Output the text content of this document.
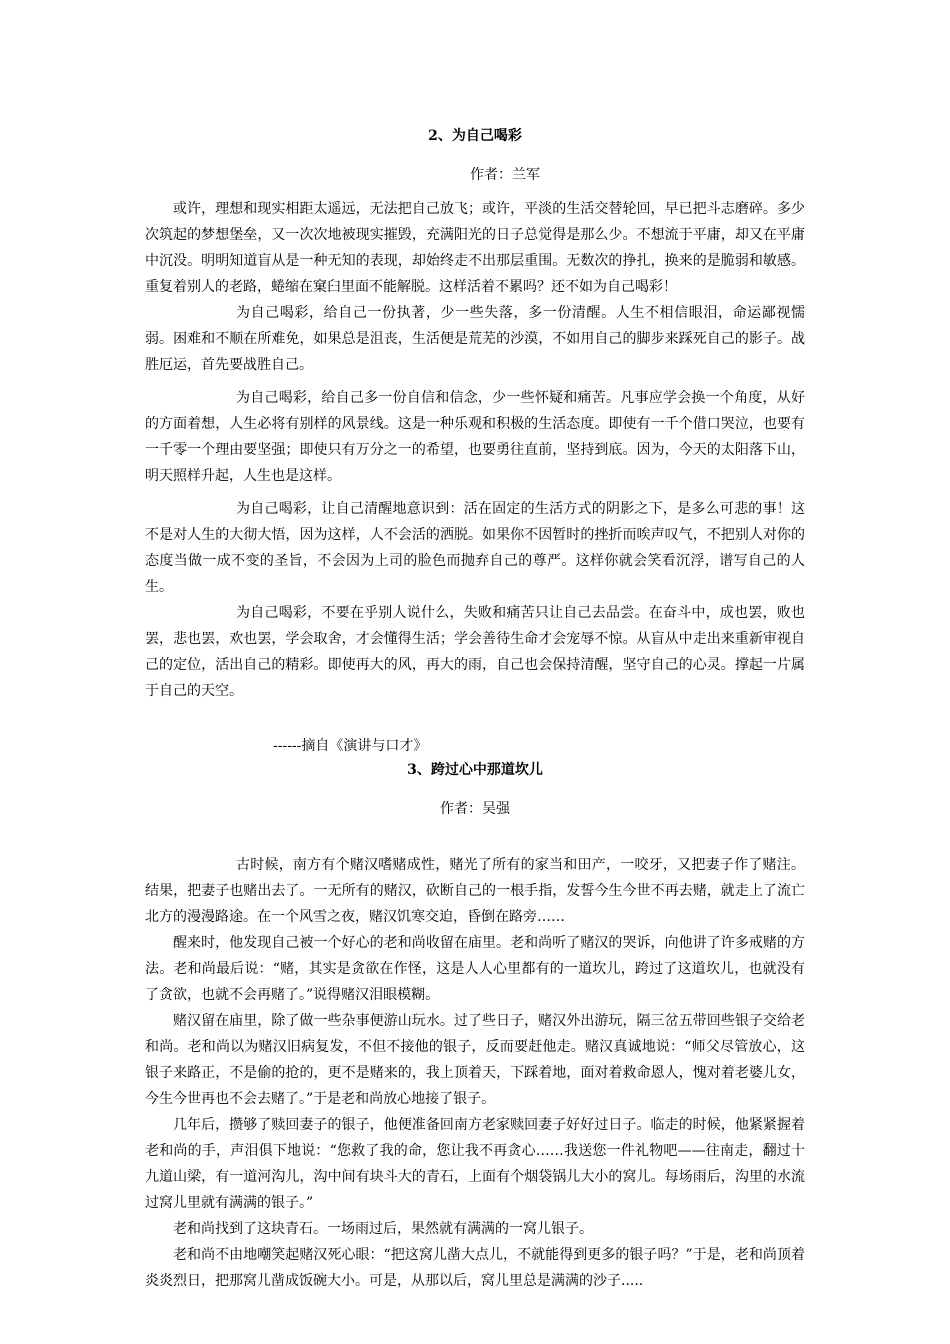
2、为自己喝彩
作者：兰军

或许，理想和现实相距太遥远，无法把自己放飞；或许，平淡的生活交替轮回，早已把斗志磨碎。多少次筑起的梦想堡垒，又一次次地被现实摧毁，充满阳光的日子总觉得是那么少。不想流于平庸，却又在平庸中沉没。明明知道盲从是一种无知的表现，却始终走不出那层重围。无数次的挣扎，换来的是脆弱和敏感。重复着别人的老路，蜷缩在窠臼里面不能解脱。这样活着不累吗？还不如为自己喝彩！

为自己喝彩，给自己一份执著，少一些失落，多一份清醒。人生不相信眼泪，命运鄙视懦弱。困难和不顺在所难免，如果总是沮丧，生活便是荒芜的沙漠，不如用自己的脚步来踩死自己的影子。战胜厄运，首先要战胜自己。

为自己喝彩，给自己多一份自信和信念，少一些怀疑和痛苦。凡事应学会换一个角度，从好的方面着想，人生必将有别样的风景线。这是一种乐观和积极的生活态度。即使有一千个借口哭泣，也要有一千零一个理由要坚强；即使只有万分之一的希望，也要勇往直前，坚持到底。因为，今天的太阳落下山，明天照样升起，人生也是这样。

为自己喝彩，让自己清醒地意识到：活在固定的生活方式的阴影之下，是多么可悲的事！这不是对人生的大彻大悟，因为这样，人不会活的洒脱。如果你不因暂时的挫折而唉声叹气，不把别人对你的态度当做一成不变的圣旨，不会因为上司的脸色而抛弃自己的尊严。这样你就会笑看沉浮，谱写自己的人生。

为自己喝彩，不要在乎别人说什么，失败和痛苦只让自己去品尝。在奋斗中，成也罢，败也罢，悲也罢，欢也罢，学会取舍，才会懂得生活；学会善待生命才会宠辱不惊。从盲从中走出来重新审视自己的定位，活出自己的精彩。即使再大的风，再大的雨，自己也会保持清醒，坚守自己的心灵。撑起一片属于自己的天空。

------摘自《演讲与口才》
3、跨过心中那道坎儿
作者：吴强

古时候，南方有个赌汉嗜赌成性，赌光了所有的家当和田产，一咬牙，又把妻子作了赌注。结果，把妻子也赌出去了。一无所有的赌汉，砍断自己的一根手指，发誓今生今世不再去赌，就走上了流亡北方的漫漫路途。在一个风雪之夜，赌汉饥寒交迫，昏倒在路旁……

醒来时，他发现自己被一个好心的老和尚收留在庙里。老和尚听了赌汉的哭诉，向他讲了许多戒赌的方法。老和尚最后说：“赌，其实是贪欲在作怪，这是人人心里都有的一道坎儿，跨过了这道坎儿，也就没有了贪欲，也就不会再赌了。”说得赌汉泪眼模糊。

赌汉留在庙里，除了做一些杂事便游山玩水。过了些日子，赌汉外出游玩，隔三岔五带回些银子交给老和尚。老和尚以为赌汉旧病复发，不但不接他的银子，反而要赶他走。赌汉真诚地说：“师父尽管放心，这银子来路正，不是偷的抢的，更不是赌来的，我上顶着天，下踩着地，面对着救命恩人，愧对着老婆儿女，今生今世再也不会去赌了。”于是老和尚放心地接了银子。

几年后，攒够了赎回妻子的银子，他便准备回南方老家赎回妻子好好过日子。临走的时候，他紧紧握着老和尚的手，声泪俱下地说：“您救了我的命，您让我不再贪心……我送您一件礼物吧——往南走，翻过十九道山梁，有一道河沟儿，沟中间有块斗大的青石，上面有个烟袋锅儿大小的窝儿。每场雨后，沟里的水流过窝儿里就有满满的银子。”

老和尚找到了这块青石。一场雨过后，果然就有满满的一窝儿银子。

老和尚不由地嘲笑起赌汉死心眼：“把这窝儿凿大点儿，不就能得到更多的银子吗？”于是，老和尚顶着炎炎烈日，把那窝儿凿成饭碗大小。可是，从那以后，窝儿里总是满满的沙子.....
